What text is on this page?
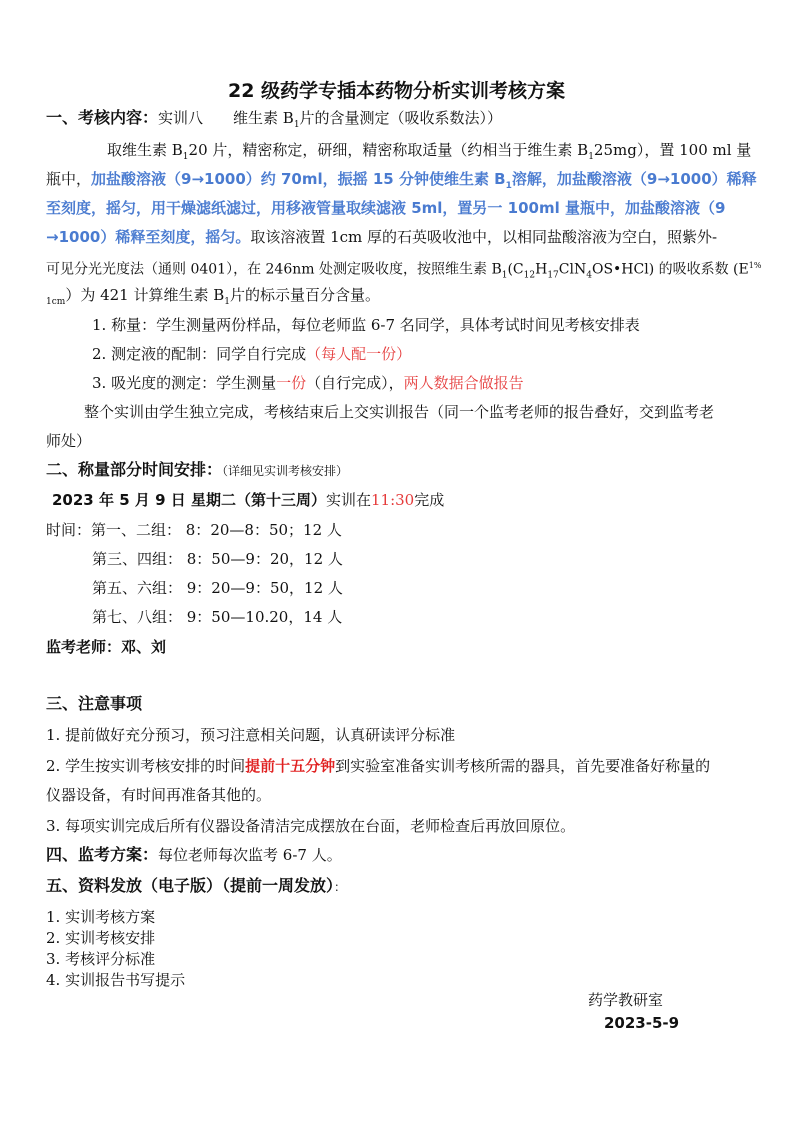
22 级药学专插本药物分析实训考核方案
一、考核内容：实训八　　维生素 $B_1$片的含量测定（吸收系数法））
取维生素 $B_120$ 片，精密称定，研细，精密称取适量（约相当于维生素 $B_125mg$），置 100 ml 量
瓶中，加盐酸溶液（9→1000）约 70ml，振摇 15 分钟使维生素 $B_1$溶解，加盐酸溶液（9→1000）稀释
至刻度，摇匀，用干燥滤纸滤过，用移液管量取续滤液 5ml，置另一 100ml 量瓶中，加盐酸溶液（9
→1000）稀释至刻度，摇匀。取该溶液置 1cm 厚的石英吸收池中，以相同盐酸溶液为空白，照紫外-
可见分光光度法（通则 0401），在 246nm 处测定吸收度，按照维生素 $B_1(C_{12}H_{17}ClN_4OS•HCl)$ 的吸收系数 ($E^{1\%}$
$_{1cm}$）为 421 计算维生素 $B_1$片的标示量百分含量。
1. 称量：学生测量两份样品，每位老师监 6-7 名同学，具体考试时间见考核安排表
2. 测定液的配制：同学自行完成（每人配一份）
3. 吸光度的测定：学生测量一份（自行完成），两人数据合做报告
整个实训由学生独立完成，考核结束后上交实训报告（同一个监考老师的报告叠好，交到监考老
师处）
二、称量部分时间安排：（详细见实训考核安排）
2023 年 5 月 9 日 星期二（第十三周）实训在11:30完成
时间：第一、二组： 8：20—8：50；12 人
第三、四组： 8：50—9：20，12 人
第五、六组： 9：20—9：50，12 人
第七、八组： 9：50—10.20，14 人
监考老师：邓、刘
三、注意事项
1. 提前做好充分预习，预习注意相关问题，认真研读评分标准
2. 学生按实训考核安排的时间提前十五分钟到实验室准备实训考核所需的器具，首先要准备好称量的
仪器设备，有时间再准备其他的。
3. 每项实训完成后所有仪器设备清洁完成摆放在台面，老师检查后再放回原位。
四、监考方案：每位老师每次监考 6-7 人。
五、资料发放（电子版）（提前一周发放）：
1. 实训考核方案
2. 实训考核安排
3. 考核评分标准
4. 实训报告书写提示
药学教研室
2023-5-9
